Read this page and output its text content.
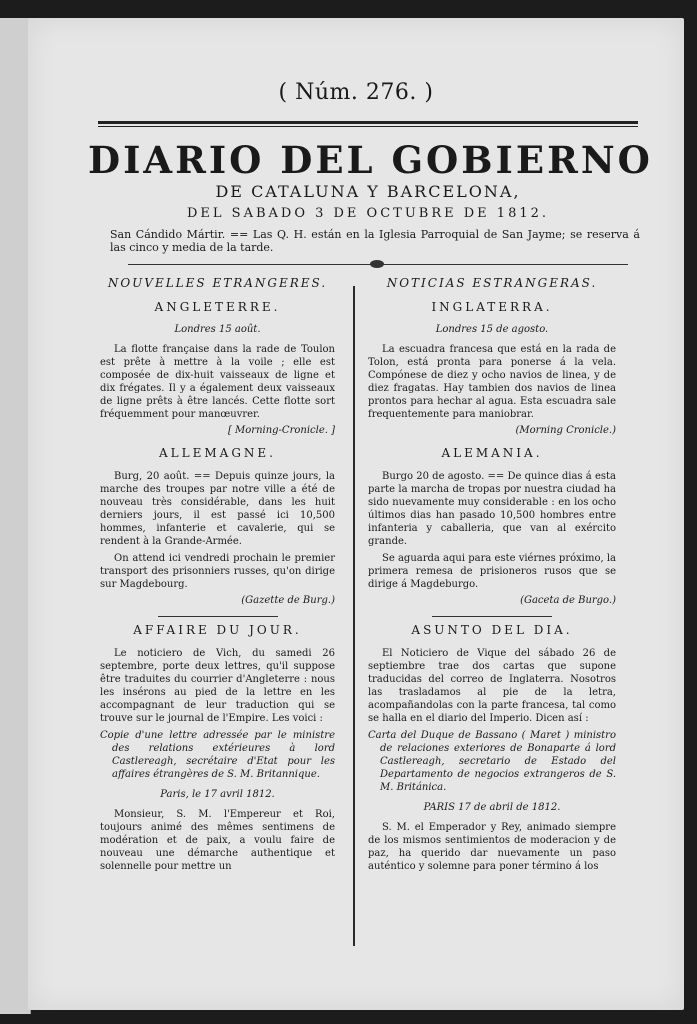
( Núm. 276. )
DIARIO DEL GOBIERNO
DE CATALUNA Y BARCELONA,
DEL SABADO 3 DE OCTUBRE DE 1812.
San Cándido Mártir. == Las Q. H. están en la Iglesia Parroquial de San Jayme; se reserva á las cinco y media de la tarde.
NOUVELLES ETRANGERES.
ANGLETERRE.
Londres 15 août.

La flotte française dans la rade de Toulon est prête à mettre à la voile ; elle est composée de dix-huit vaisseaux de ligne et dix frégates. Il y a également deux vaisseaux de ligne prêts à être lancés. Cette flotte sort fréquemment pour manœuvrer.

[ Morning-Cronicle. ]
ALLEMAGNE.

Burg, 20 août. == Depuis quinze jours, la marche des troupes par notre ville a été de nouveau très considérable, dans les huit derniers jours, il est passé ici 10,500 hommes, infanterie et cavalerie, qui se rendent à la Grande-Armée.

On attend ici vendredi prochain le premier transport des prisonniers russes, qu'on dirige sur Magdebourg.

(Gazette de Burg.)
AFFAIRE DU JOUR.

Le noticiero de Vich, du samedi 26 septembre, porte deux lettres, qu'il suppose être traduites du courrier d'Angleterre : nous les insérons au pied de la lettre en les accompagnant de leur traduction qui se trouve sur le journal de l'Empire. Les voici :

Copie d'une lettre adressée par le ministre des relations extérieures à lord Castlereagh, secrétaire d'Etat pour les affaires étrangères de S. M. Britannique.

Paris, le 17 avril 1812.

Monsieur, S. M. l'Empereur et Roi, toujours animé des mêmes sentimens de modération et de paix, a voulu faire de nouveau une démarche authentique et solennelle pour mettre un

NOTICIAS ESTRANGERAS.
INGLATERRA.
Londres 15 de agosto.

La escuadra francesa que está en la rada de Tolon, está pronta para ponerse á la vela. Compónese de diez y ocho navios de linea, y de diez fragatas. Hay tambien dos navios de linea prontos para hechar al agua. Esta escuadra sale frequentemente para maniobrar.

(Morning Cronicle.)
ALEMANIA.

Burgo 20 de agosto. == De quince dias á esta parte la marcha de tropas por nuestra ciudad ha sido nuevamente muy considerable : en los ocho últimos dias han pasado 10,500 hombres entre infanteria y caballeria, que van al exército grande.

Se aguarda aqui para este viérnes próximo, la primera remesa de prisioneros rusos que se dirige á Magdeburgo.

(Gaceta de Burgo.)
ASUNTO DEL DIA.

El Noticiero de Vique del sábado 26 de septiembre trae dos cartas que supone traducidas del correo de Inglaterra. Nosotros las trasladamos al pie de la letra, acompañandolas con la parte francesa, tal como se halla en el diario del Imperio. Dicen así :

Carta del Duque de Bassano ( Maret ) ministro de relaciones exteriores de Bonaparte á lord Castlereagh, secretario de Estado del Departamento de negocios extrangeros de S. M. Británica.

PARIS 17 de abril de 1812.

S. M. el Emperador y Rey, animado siempre de los mismos sentimientos de moderacion y de paz, ha querido dar nuevamente un paso auténtico y solemne para poner término á los
